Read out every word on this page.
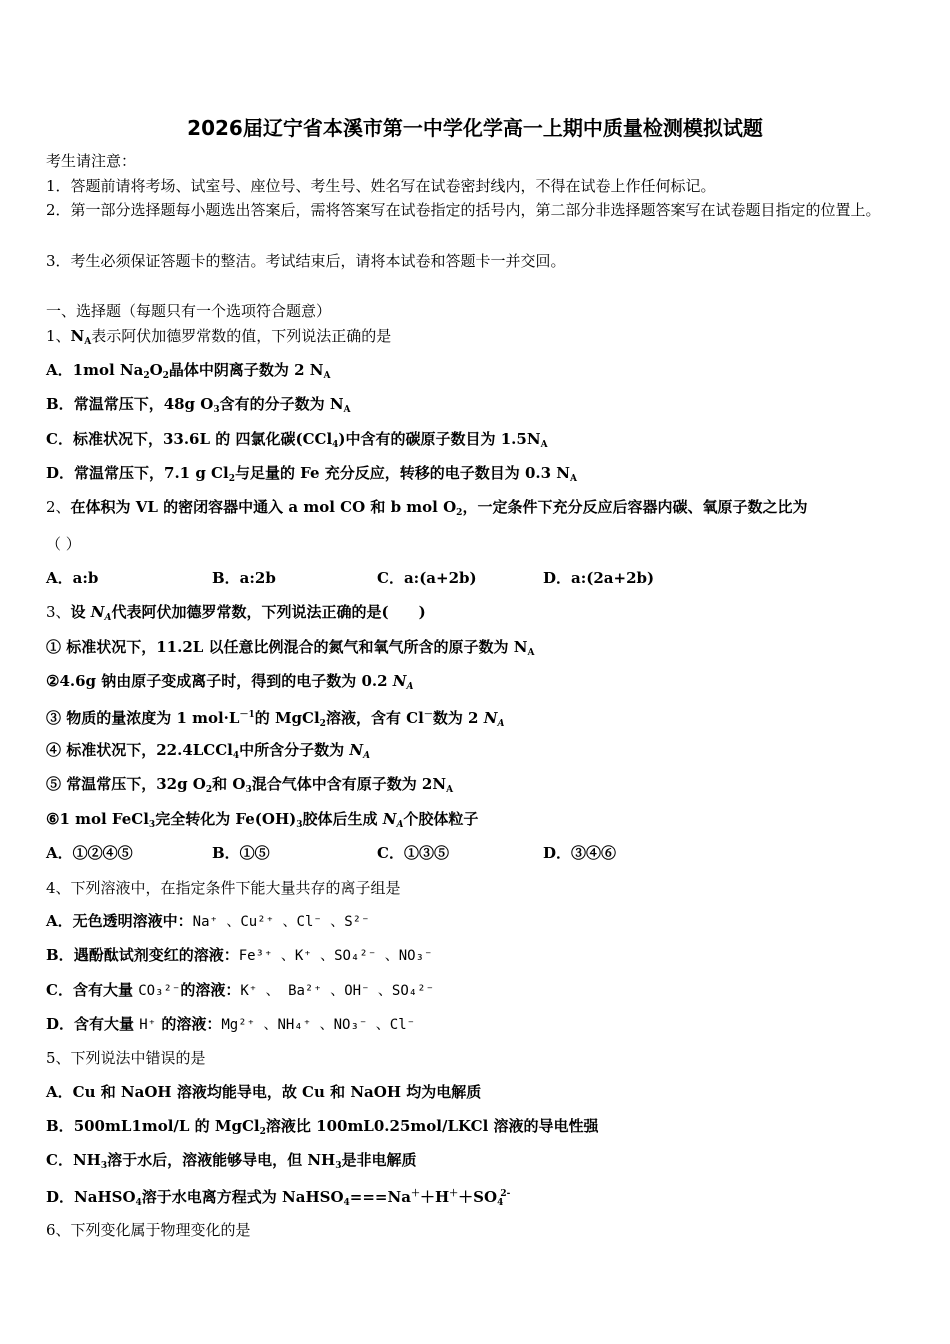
2026届辽宁省本溪市第一中学化学高一上期中质量检测模拟试题
考生请注意：
1．答题前请将考场、试室号、座位号、考生号、姓名写在试卷密封线内，不得在试卷上作任何标记。
2．第一部分选择题每小题选出答案后，需将答案写在试卷指定的括号内，第二部分非选择题答案写在试卷题目指定的位置上。
3．考生必须保证答题卡的整洁。考试结束后，请将本试卷和答题卡一并交回。
一、选择题（每题只有一个选项符合题意）
1、$N_A$表示阿伏加德罗常数的值，下列说法正确的是
A．1mol $Na_2O_2$晶体中阴离子数为 2 $N_A$
B．常温常压下，48g $O_3$含有的分子数为 $N_A$
C．标准状况下，33.6L 的 四氯化碳(CCl$_4$)中含有的碳原子数目为 $1.5N_A$
D．常温常压下，7.1 g $Cl_2$与足量的 Fe 充分反应，转移的电子数目为 0.3 $N_A$
2、在体积为 VL 的密闭容器中通入 a mol CO 和 b mol $O_2$，一定条件下充分反应后容器内碳、氧原子数之比为
（ ）
A．a:b	B．a:2b	C．a:(a+2b)	D．a:(2a+2b)
3、设 $N_A$代表阿伏加德罗常数，下列说法正确的是( )
① 标准状况下，11.2L 以任意比例混合的氮气和氧气所含的原子数为 $N_A$
②4.6g 钠由原子变成离子时，得到的电子数为 0.2 $N_A$
③ 物质的量浓度为 1 $mol\cdot L^{-1}$的 MgCl$_2$溶液，含有 Cl－数为 2 $N_A$
④ 标准状况下，22.4LCCl$_4$中所含分子数为 $N_A$
⑤ 常温常压下，32g $O_2$和 $O_3$混合气体中含有原子数为 $2N_A$
⑥1 mol FeCl$_3$完全转化为 $Fe(OH)_3$胶体后生成 $N_A$个胶体粒子
A．①②④⑤	B．①⑤	C．①③⑤	D．③④⑥
4、下列溶液中，在指定条件下能大量共存的离子组是
A．无色透明溶液中：Na⁺ 、Cu²⁺ 、Cl⁻ 、S²⁻
B．遇酚酞试剂变红的溶液：Fe³⁺ 、K⁺ 、SO₄²⁻ 、NO₃⁻
C．含有大量 CO₃²⁻的溶液：K⁺ 、 Ba²⁺ 、OH⁻ 、SO₄²⁻
D．含有大量 H⁺ 的溶液：Mg²⁺ 、NH₄⁺ 、NO₃⁻ 、Cl⁻
5、下列说法中错误的是
A．Cu 和 NaOH 溶液均能导电，故 Cu 和 NaOH 均为电解质
B．500mL1mol/L 的 MgCl$_2$溶液比 100mL0.25mol/LKCl 溶液的导电性强
C．$NH_3$溶于水后，溶液能够导电，但 $NH_3$是非电解质
D．NaHSO$_4$溶于水电离方程式为 $NaHSO_4===Na^++H^++SO_4^{2-}$
6、下列变化属于物理变化的是
